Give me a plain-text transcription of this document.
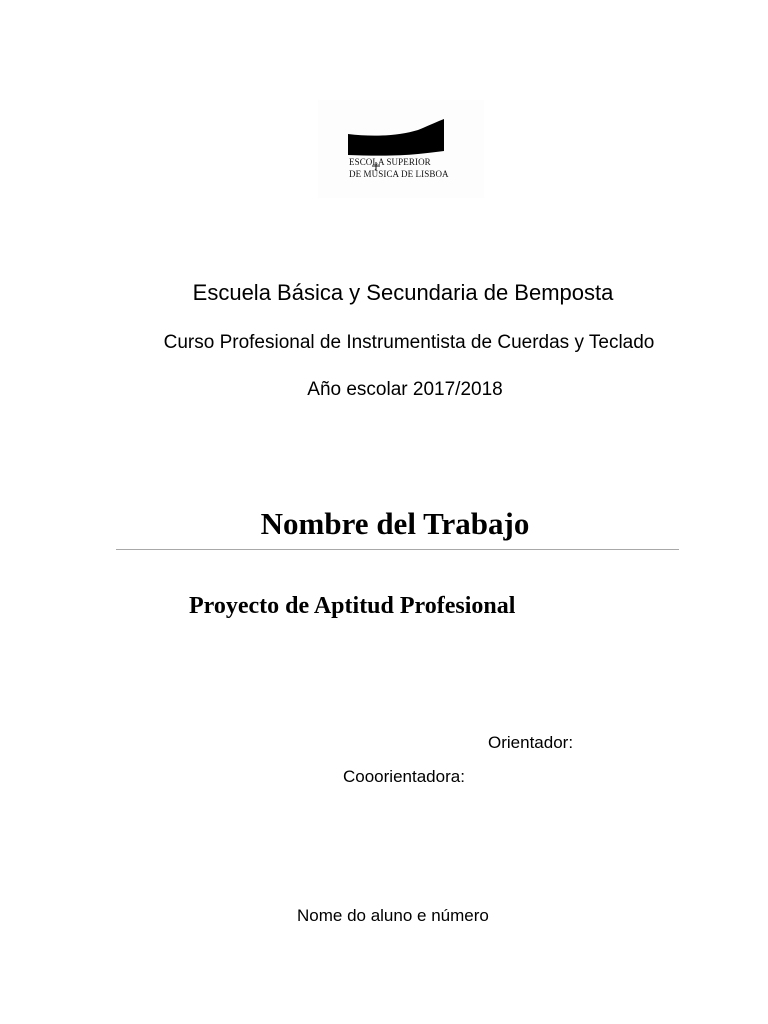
ESCOLA SUPERIOR
DE MÚSICA DE LISBOA
Escuela Básica y Secundaria de Bemposta
Curso Profesional de Instrumentista de Cuerdas y Teclado
Año escolar 2017/2018
Nombre del Trabajo
Proyecto de Aptitud Profesional
Orientador:
Cooorientadora:
Nome do aluno e número
